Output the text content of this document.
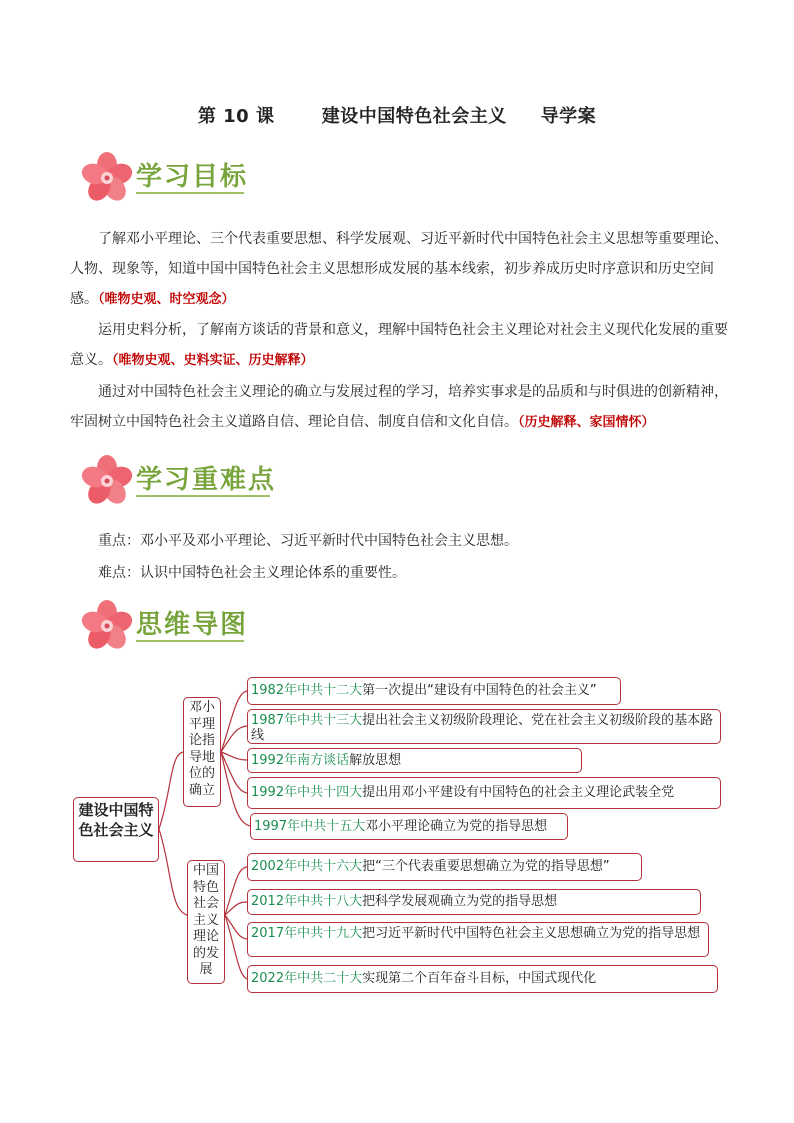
第 10 课       建设中国特色社会主义     导学案
学习目标
了解邓小平理论、三个代表重要思想、科学发展观、习近平新时代中国特色社会主义思想等重要理论、人物、现象等，知道中国中国特色社会主义思想形成发展的基本线索，初步养成历史时序意识和历史空间感。（唯物史观、时空观念）
运用史料分析，了解南方谈话的背景和意义，理解中国特色社会主义理论对社会主义现代化发展的重要意义。（唯物史观、史料实证、历史解释）
通过对中国特色社会主义理论的确立与发展过程的学习，培养实事求是的品质和与时俱进的创新精神，牢固树立中国特色社会主义道路自信、理论自信、制度自信和文化自信。（历史解释、家国情怀）
学习重难点
重点：邓小平及邓小平理论、习近平新时代中国特色社会主义思想。
难点：认识中国特色社会主义理论体系的重要性。
思维导图
建设中国特色社会主义
邓小平理论指导地位的确立
中国特色社会主义理论的发展
1982年中共十二大第一次提出“建设有中国特色的社会主义”
1987年中共十三大提出社会主义初级阶段理论、党在社会主义初级阶段的基本路线
1992年南方谈话解放思想
1992年中共十四大提出用邓小平建设有中国特色的社会主义理论武装全党
1997年中共十五大邓小平理论确立为党的指导思想
2002年中共十六大把“三个代表重要思想确立为党的指导思想”
2012年中共十八大把科学发展观确立为党的指导思想
2017年中共十九大把习近平新时代中国特色社会主义思想确立为党的指导思想
2022年中共二十大实现第二个百年奋斗目标，中国式现代化
